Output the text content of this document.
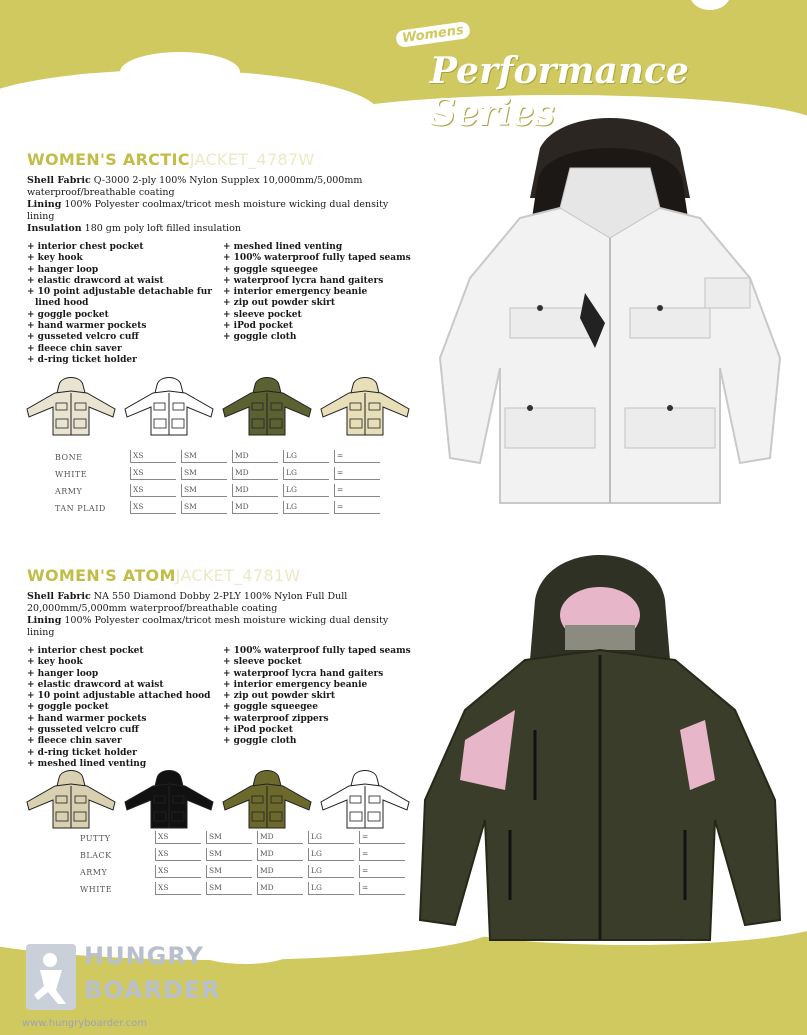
Womens
Performance Series
WOMEN'S ARCTICJACKET_4787W
Shell Fabric Q-3000 2-ply 100% Nylon Supplex 10,000mm/5,000mm waterproof/breathable coating
Lining 100% Polyester coolmax/tricot mesh moisture wicking dual density lining
Insulation 180 gm poly loft filled insulation
+ interior chest pocket
+ key hook
+ hanger loop
+ elastic drawcord at waist
+ 10 point adjustable detachable fur lined hood
+ goggle pocket
+ hand warmer pockets
+ gusseted velcro cuff
+ fleece chin saver
+ d-ring ticket holder
+ meshed lined venting
+ 100% waterproof fully taped seams
+ goggle squeegee
+ waterproof lycra hand gaiters
+ interior emergency beanie
+ zip out powder skirt
+ sleeve pocket
+ iPod pocket
+ goggle cloth
BONE	XS	SM	MD	LG	=
WHITE	XS	SM	MD	LG	=
ARMY	XS	SM	MD	LG	=
TAN PLAID	XS	SM	MD	LG	=
WOMEN'S ATOMJACKET_4781W
Shell Fabric NA 550 Diamond Dobby 2-PLY 100% Nylon Full Dull 20,000mm/5,000mm waterproof/breathable coating
Lining 100% Polyester coolmax/tricot mesh moisture wicking dual density lining
+ interior chest pocket
+ key hook
+ hanger loop
+ elastic drawcord at waist
+ 10 point adjustable attached hood
+ goggle pocket
+ hand warmer pockets
+ gusseted velcro cuff
+ fleece chin saver
+ d-ring ticket holder
+ meshed lined venting
+ 100% waterproof fully taped seams
+ sleeve pocket
+ waterproof lycra hand gaiters
+ interior emergency beanie
+ zip out powder skirt
+ goggle squeegee
+ waterproof zippers
+ iPod pocket
+ goggle cloth
PUTTY	XS	SM	MD	LG	=
BLACK	XS	SM	MD	LG	=
ARMY	XS	SM	MD	LG	=
WHITE	XS	SM	MD	LG	=
HUNGRY
BOARDER
www.hungryboarder.com
